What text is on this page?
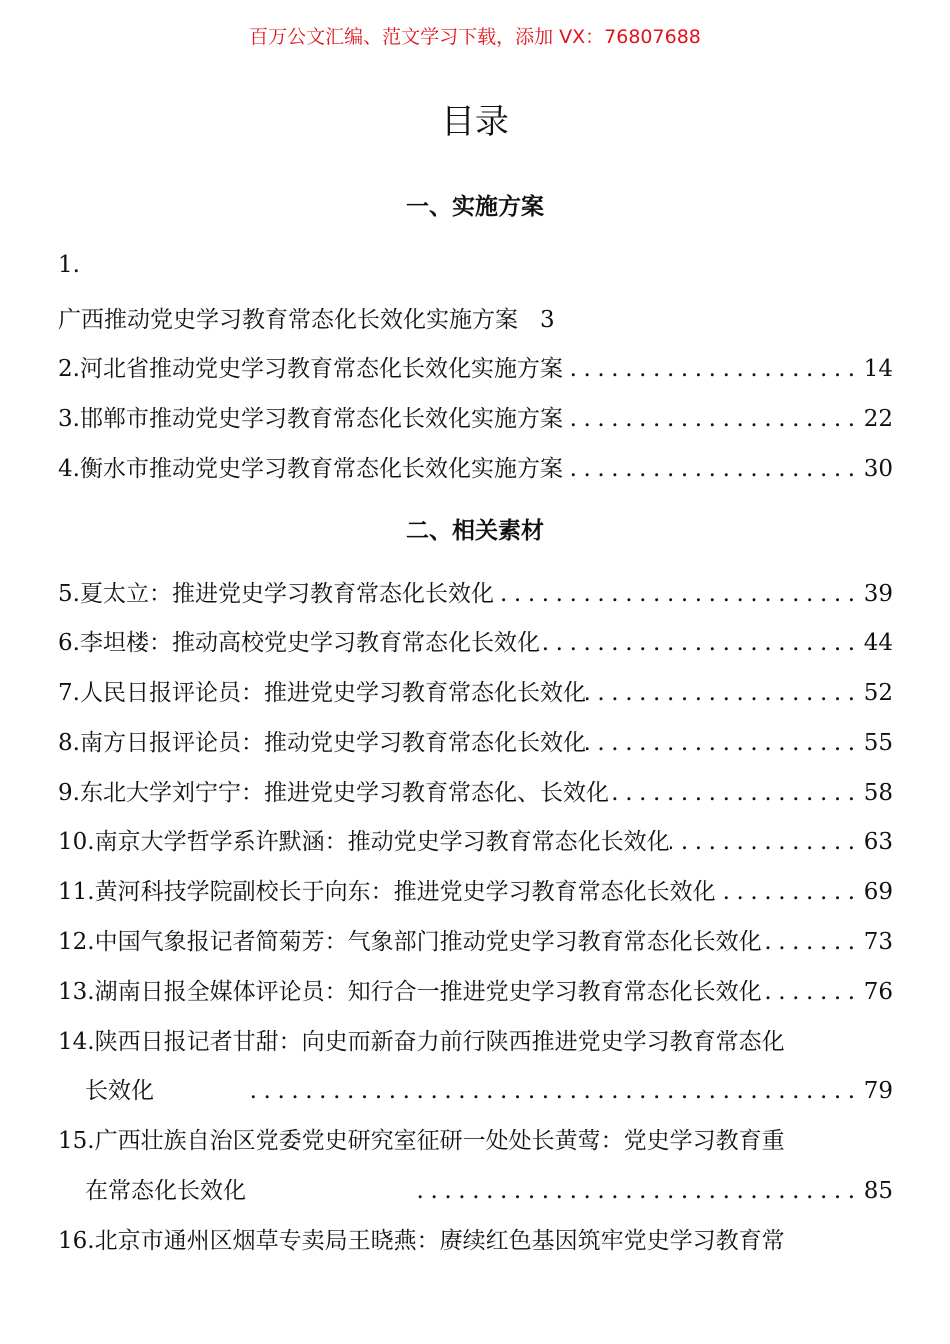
百万公文汇编、范文学习下载，添加 VX：76807688
目录
一、实施方案
1.
广西推动党史学习教育常态化长效化实施方案 3
2. 河北省推动党史学习教育常态化长效化实施方案 .....	14
3. 邯郸市推动党史学习教育常态化长效化实施方案 .....	22
4. 衡水市推动党史学习教育常态化长效化实施方案 .....	30
二、相关素材
5. 夏太立：推进党史学习教育常态化长效化 .....	39
6. 李坦楼：推动高校党史学习教育常态化长效化 .....	44
7. 人民日报评论员：推进党史学习教育常态化长效化 .....	52
8. 南方日报评论员：推动党史学习教育常态化长效化 .....	55
9. 东北大学刘宁宁：推进党史学习教育常态化、长效化 .....	58
10. 南京大学哲学系许默涵：推动党史学习教育常态化长效化 .....	63
11. 黄河科技学院副校长于向东：推进党史学习教育常态化长效化 .....	69
12. 中国气象报记者简菊芳：气象部门推动党史学习教育常态化长效化 .....	73
13. 湖南日报全媒体评论员：知行合一推进党史学习教育常态化长效化 .....	76
14. 陕西日报记者甘甜：向史而新奋力前行陕西推进党史学习教育常态化
长效化 .....	79
15. 广西壮族自治区党委党史研究室征研一处处长黄莺：党史学习教育重
在常态化长效化 .....	85
16. 北京市通州区烟草专卖局王晓燕：赓续红色基因筑牢党史学习教育常
